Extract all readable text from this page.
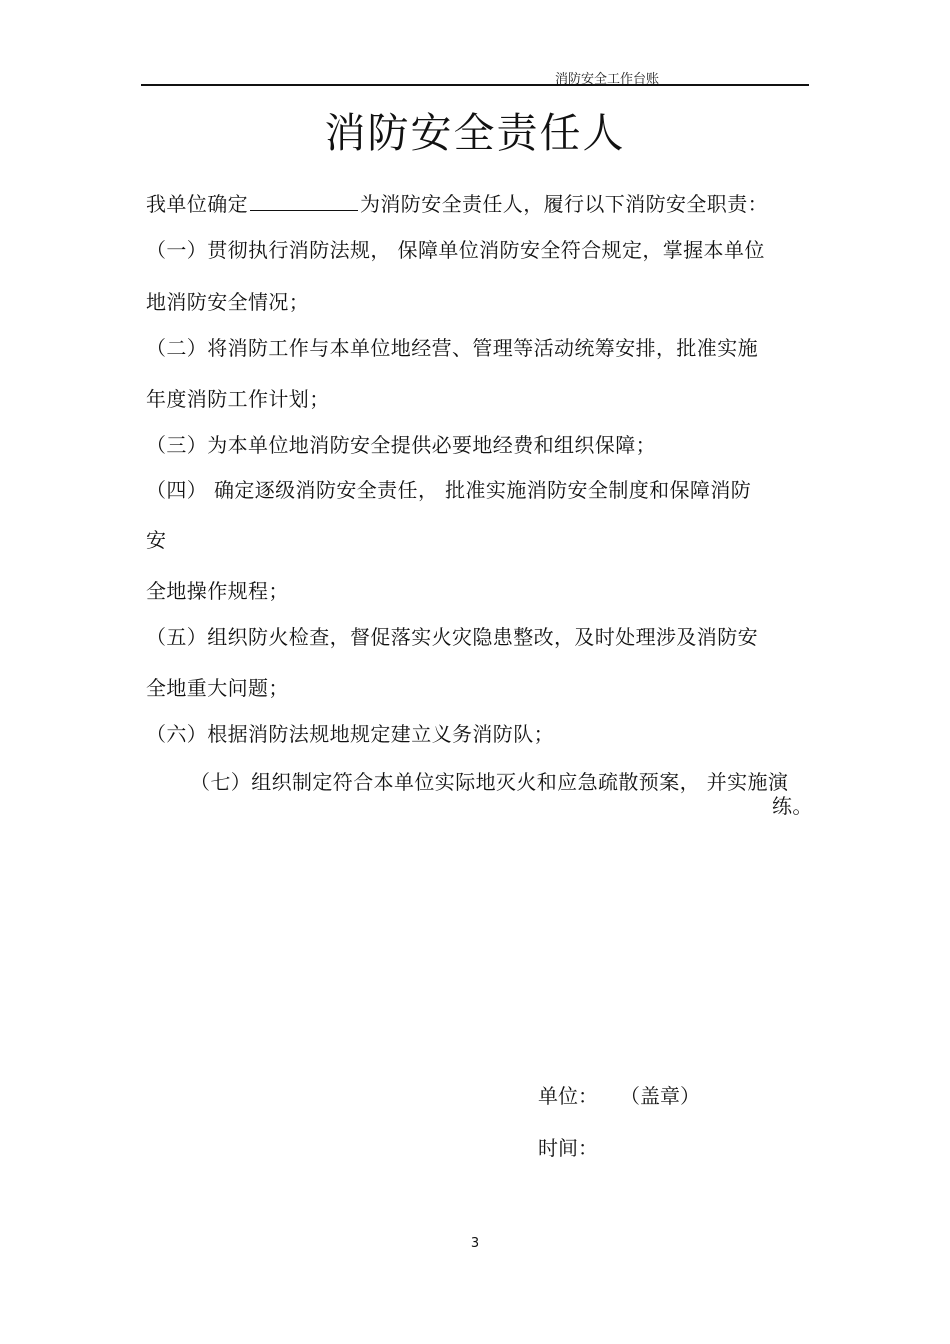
消防安全工作台账
消防安全责任人
我单位确定	为消防安全责任人，履行以下消防安全职责：
（一）贯彻执行消防法规， 保障单位消防安全符合规定，掌握本单位
地消防安全情况；
（二）将消防工作与本单位地经营、管理等活动统筹安排，批准实施
年度消防工作计划；
（三）为本单位地消防安全提供必要地经费和组织保障；
（四） 确定逐级消防安全责任， 批准实施消防安全制度和保障消防
安
全地操作规程；
（五）组织防火检查，督促落实火灾隐患整改，及时处理涉及消防安
全地重大问题；
（六）根据消防法规地规定建立义务消防队；
（七）组织制定符合本单位实际地灭火和应急疏散预案， 并实施演
练。
单位： （盖章）
时间：
3
